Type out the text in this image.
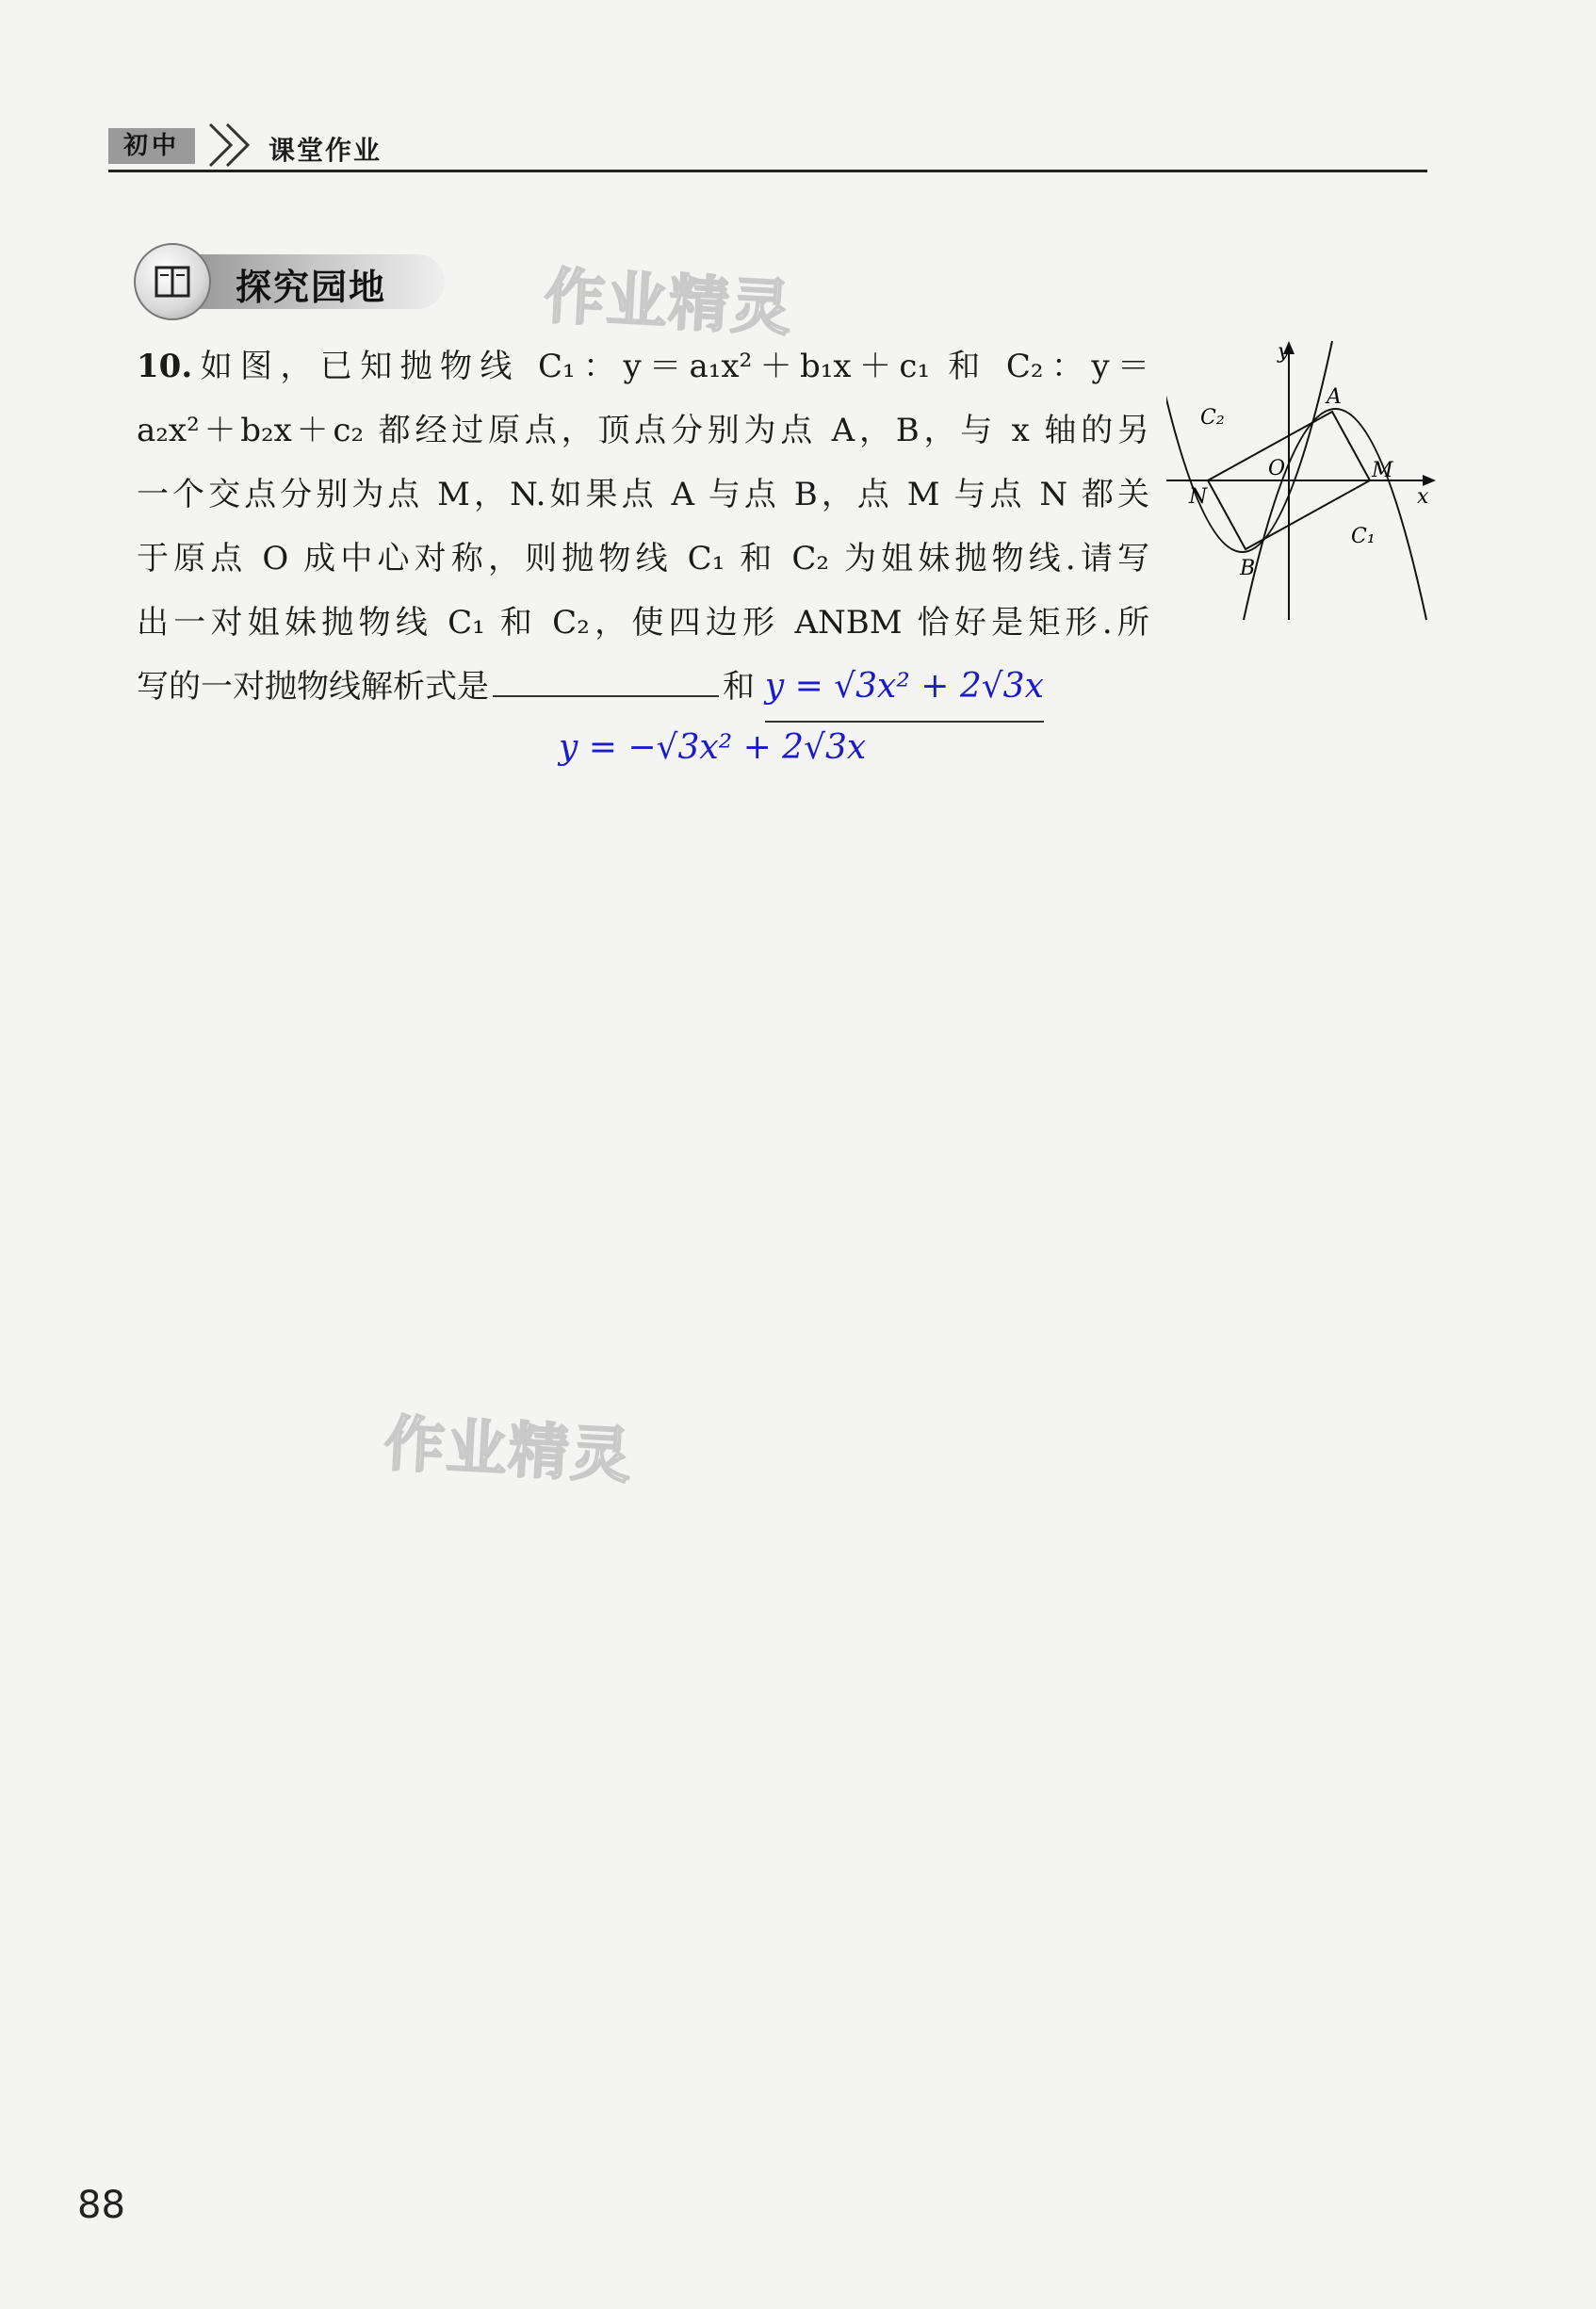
初中	课堂作业
探究园地	作业精灵
作业精灵
10.如图，已知抛物线 C₁：y＝a₁x²＋b₁x＋c₁ 和 C₂：y＝
a₂x²＋b₂x＋c₂ 都经过原点，顶点分别为点 A，B，与 x 轴的另
一个交点分别为点 M，N.如果点 A 与点 B，点 M 与点 N 都关
于原点 O 成中心对称，则抛物线 C₁ 和 C₂ 为姐妹抛物线.请写
出一对姐妹抛物线 C₁ 和 C₂，使四边形 ANBM 恰好是矩形.所
写的一对抛物线解析式是	和 y = √3x² + 2√3x
y = −√3x² + 2√3x
y
x
A
B
M
N
O
C₁
C₂
88
